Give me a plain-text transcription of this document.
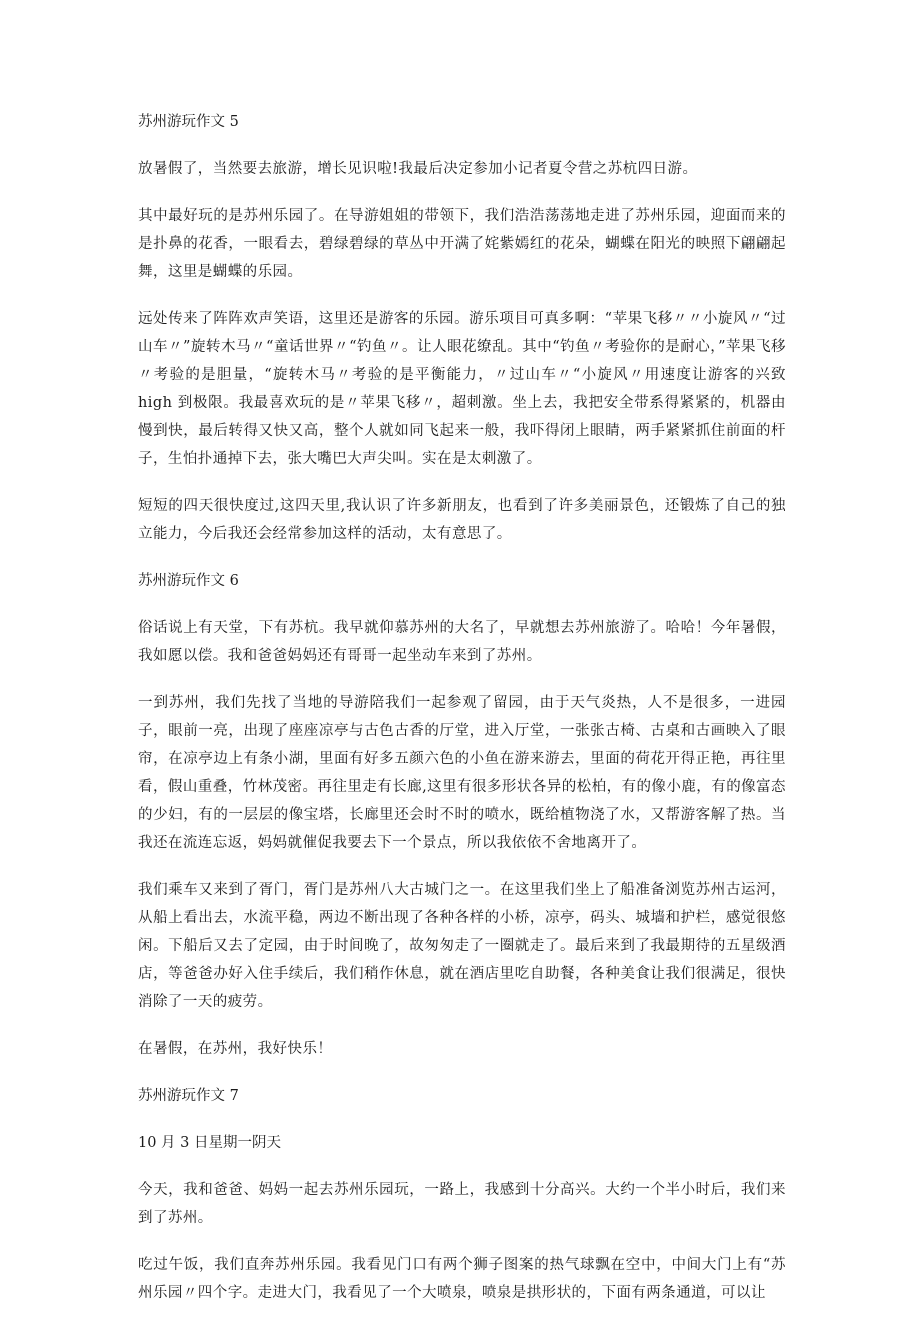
苏州游玩作文 5

放暑假了，当然要去旅游，增长见识啦!我最后决定参加小记者夏令营之苏杭四日游。

其中最好玩的是苏州乐园了。在导游姐姐的带领下，我们浩浩荡荡地走进了苏州乐园，迎面而来的是扑鼻的花香，一眼看去，碧绿碧绿的草丛中开满了姹紫嫣红的花朵，蝴蝶在阳光的映照下翩翩起舞，这里是蝴蝶的乐园。

远处传来了阵阵欢声笑语，这里还是游客的乐园。游乐项目可真多啊：“苹果飞移〃〃小旋风〃“过山车〃”旋转木马〃“童话世界〃“钓鱼〃。让人眼花缭乱。其中“钓鱼〃考验你的是耐心，”苹果飞移〃考验的是胆量，“旋转木马〃考验的是平衡能力，〃过山车〃“小旋风〃用速度让游客的兴致 high 到极限。我最喜欢玩的是〃苹果飞移〃，超刺激。坐上去，我把安全带系得紧紧的，机器由慢到快，最后转得又快又高，整个人就如同飞起来一般，我吓得闭上眼睛，两手紧紧抓住前面的杆子，生怕扑通掉下去，张大嘴巴大声尖叫。实在是太刺激了。

短短的四天很快度过,这四天里,我认识了许多新朋友，也看到了许多美丽景色，还锻炼了自己的独立能力，今后我还会经常参加这样的活动，太有意思了。

苏州游玩作文 6

俗话说上有天堂，下有苏杭。我早就仰慕苏州的大名了，早就想去苏州旅游了。哈哈！今年暑假，我如愿以偿。我和爸爸妈妈还有哥哥一起坐动车来到了苏州。

一到苏州，我们先找了当地的导游陪我们一起参观了留园，由于天气炎热，人不是很多，一进园子，眼前一亮，出现了座座凉亭与古色古香的厅堂，进入厅堂，一张张古椅、古桌和古画映入了眼帘，在凉亭边上有条小湖，里面有好多五颜六色的小鱼在游来游去，里面的荷花开得正艳，再往里看，假山重叠，竹林茂密。再往里走有长廊,这里有很多形状各异的松柏，有的像小鹿，有的像富态的少妇，有的一层层的像宝塔，长廊里还会时不时的喷水，既给植物浇了水，又帮游客解了热。当我还在流连忘返，妈妈就催促我要去下一个景点，所以我依依不舍地离开了。

我们乘车又来到了胥门，胥门是苏州八大古城门之一。在这里我们坐上了船准备浏览苏州古运河，从船上看出去，水流平稳，两边不断出现了各种各样的小桥，凉亭，码头、城墙和护栏，感觉很悠闲。下船后又去了定园，由于时间晚了，故匆匆走了一圈就走了。最后来到了我最期待的五星级酒店，等爸爸办好入住手续后，我们稍作休息，就在酒店里吃自助餐，各种美食让我们很满足，很快消除了一天的疲劳。

在暑假，在苏州，我好快乐！

苏州游玩作文 7
10 月 3 日星期一阴天

今天，我和爸爸、妈妈一起去苏州乐园玩，一路上，我感到十分高兴。大约一个半小时后，我们来到了苏州。

吃过午饭，我们直奔苏州乐园。我看见门口有两个狮子图案的热气球飘在空中，中间大门上有“苏州乐园〃四个字。走进大门，我看见了一个大喷泉，喷泉是拱形状的，下面有两条通道，可以让
